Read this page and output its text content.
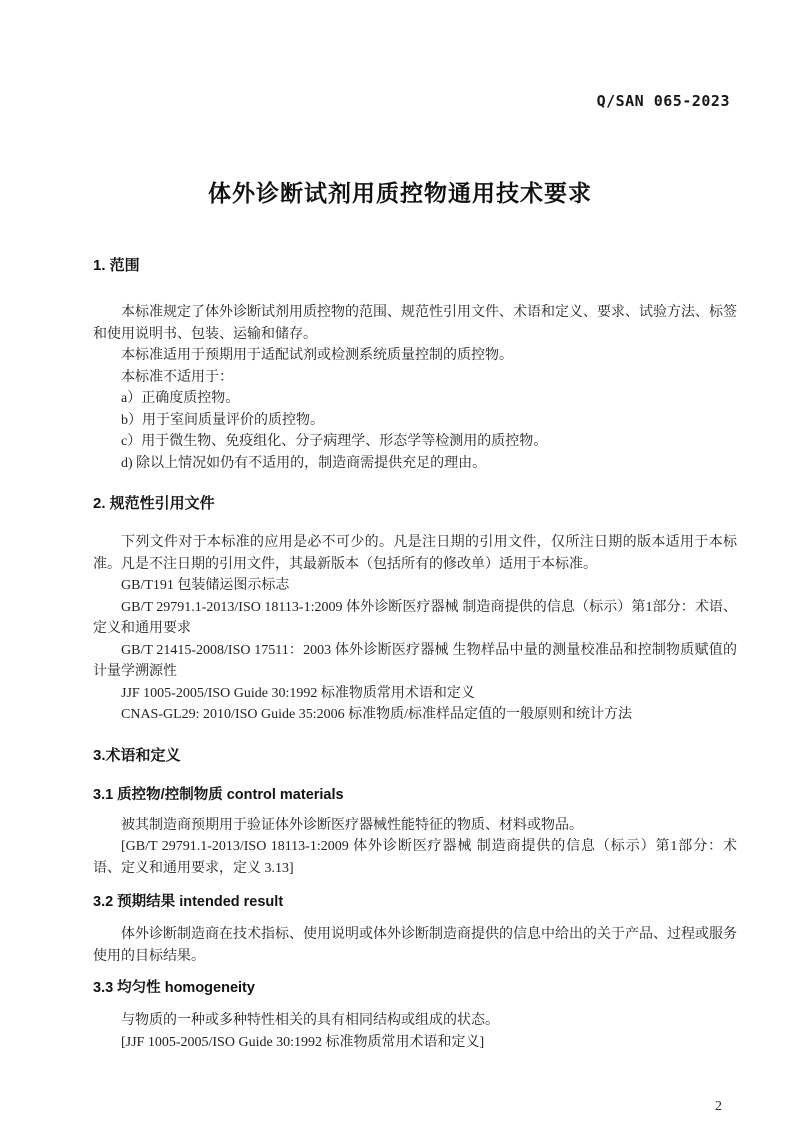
Q/SAN 065-2023
体外诊断试剂用质控物通用技术要求
1. 范围

本标准规定了体外诊断试剂用质控物的范围、规范性引用文件、术语和定义、要求、试验方法、标签和使用说明书、包装、运输和储存。

本标准适用于预期用于适配试剂或检测系统质量控制的质控物。

本标准不适用于：

a）正确度质控物。

b）用于室间质量评价的质控物。

c）用于微生物、免疫组化、分子病理学、形态学等检测用的质控物。

d) 除以上情况如仍有不适用的，制造商需提供充足的理由。

2. 规范性引用文件

下列文件对于本标准的应用是必不可少的。凡是注日期的引用文件，仅所注日期的版本适用于本标准。凡是不注日期的引用文件，其最新版本（包括所有的修改单）适用于本标准。

GB/T191 包装储运图示标志

GB/T 29791.1-2013/ISO 18113-1:2009 体外诊断医疗器械 制造商提供的信息（标示）第1部分：术语、定义和通用要求

GB/T 21415-2008/ISO 17511：2003 体外诊断医疗器械 生物样品中量的测量校准品和控制物质赋值的计量学溯源性

JJF 1005-2005/ISO Guide 30:1992 标准物质常用术语和定义

CNAS-GL29: 2010/ISO Guide 35:2006 标准物质/标准样品定值的一般原则和统计方法

3.术语和定义
3.1 质控物/控制物质 control materials

被其制造商预期用于验证体外诊断医疗器械性能特征的物质、材料或物品。

[GB/T 29791.1-2013/ISO 18113-1:2009 体外诊断医疗器械 制造商提供的信息（标示）第1部分：术语、定义和通用要求，定义 3.13]

3.2 预期结果 intended result

体外诊断制造商在技术指标、使用说明或体外诊断制造商提供的信息中给出的关于产品、过程或服务使用的目标结果。

3.3 均匀性 homogeneity

与物质的一种或多种特性相关的具有相同结构或组成的状态。

[JJF 1005-2005/ISO Guide 30:1992 标准物质常用术语和定义]

2
